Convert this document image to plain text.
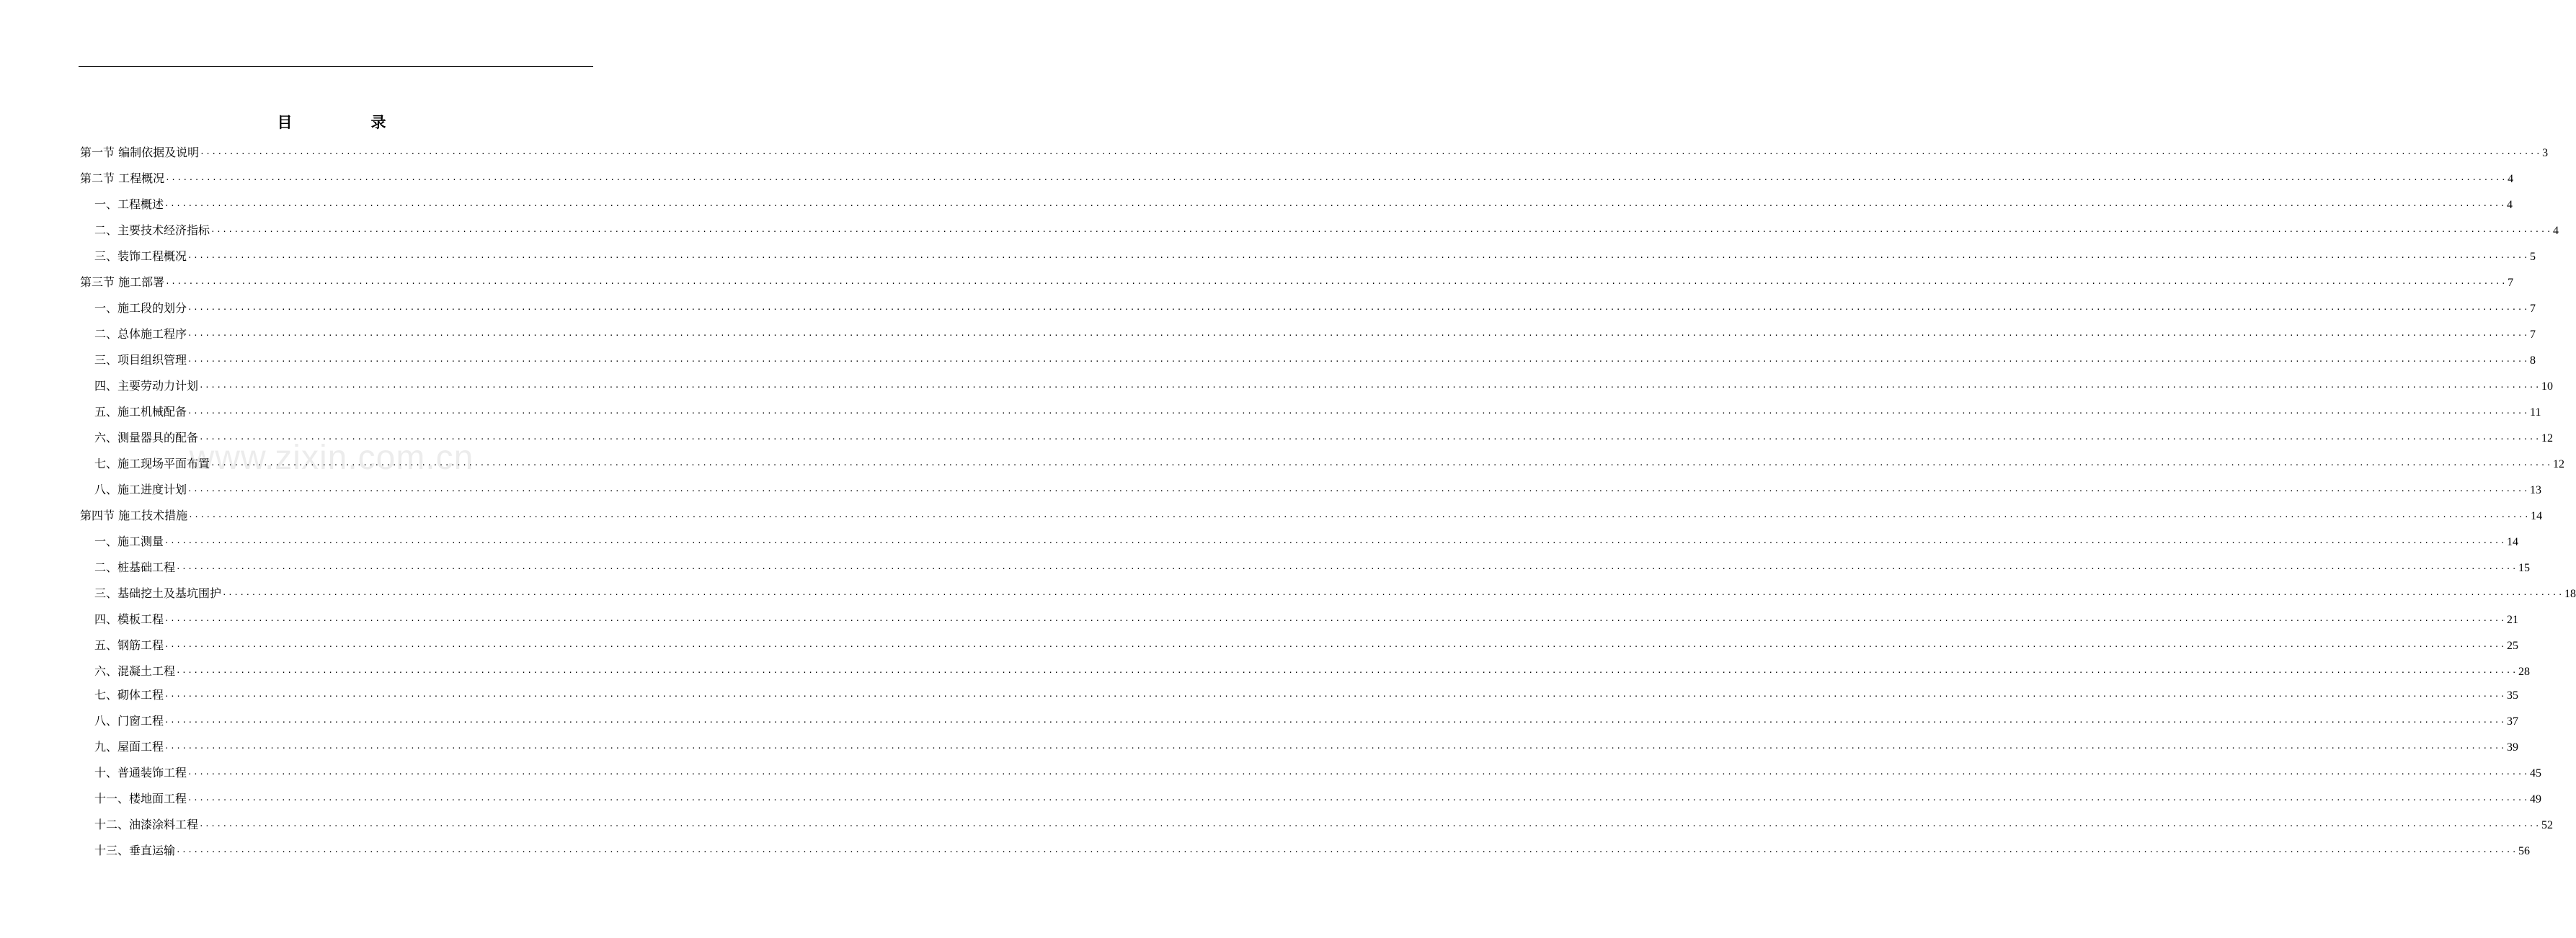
目　录
www.zixin.com.cn
第一节 编制依据及说明 ················································································································································································································································································································································································································ 3
第二节 工程概况 ················································································································································································································································································································································································································ 4
一、工程概述 ················································································································································································································································································································································································································ 4
二、主要技术经济指标 ················································································································································································································································································································································································································ 4
三、装饰工程概况 ················································································································································································································································································································································································································ 5
第三节 施工部署 ················································································································································································································································································································································································································ 7
一、施工段的划分 ················································································································································································································································································································································································································ 7
二、总体施工程序 ················································································································································································································································································································································································································ 7
三、项目组织管理 ················································································································································································································································································································································································································ 8
四、主要劳动力计划 ················································································································································································································································································································································································································ 10
五、施工机械配备 ················································································································································································································································································································································································································ 11
六、测量器具的配备 ················································································································································································································································································································································································································ 12
七、施工现场平面布置 ················································································································································································································································································································································································································ 12
八、施工进度计划 ················································································································································································································································································································································································································ 13
第四节 施工技术措施 ················································································································································································································································································································································································································ 14
一、施工测量 ················································································································································································································································································································································································································ 14
二、桩基础工程 ················································································································································································································································································································································································································ 15
三、基础挖土及基坑围护 ················································································································································································································································································································································································································ 18
四、模板工程 ················································································································································································································································································································································································································ 21
五、钢筋工程 ················································································································································································································································································································································································································ 25
六、混凝土工程 ················································································································································································································································································································································································································ 28
七、砌体工程 ················································································································································································································································································································································································································ 35
八、门窗工程 ················································································································································································································································································································································································································ 37
九、屋面工程 ················································································································································································································································································································································································································ 39
十、普通装饰工程 ················································································································································································································································································································································································································ 45
十一、楼地面工程 ················································································································································································································································································································································································································ 49
十二、油漆涂料工程 ················································································································································································································································································································································································································ 52
十三、垂直运输 ················································································································································································································································································································································································································ 56
